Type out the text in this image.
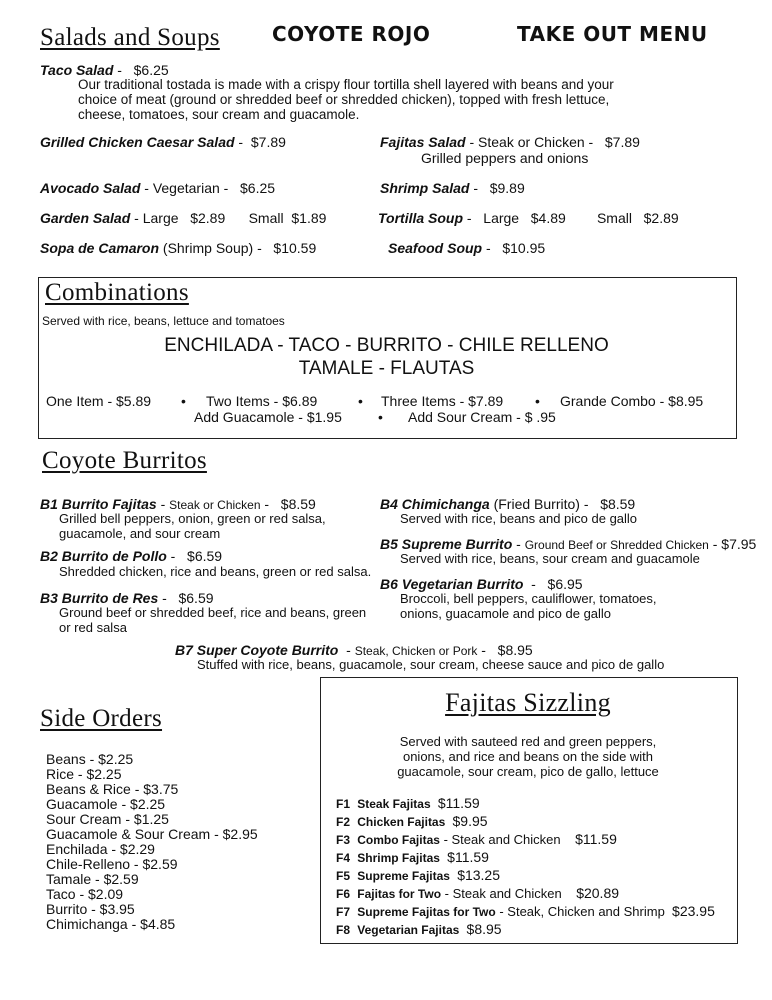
Salads and Soups	COYOTE ROJO	TAKE OUT MENU
Taco Salad -   $6.25
Our traditional tostada is made with a crispy flour tortilla shell layered with beans and your choice of meat (ground or shredded beef or shredded chicken), topped with fresh lettuce, cheese, tomatoes, sour cream and guacamole.
Grilled Chicken Caesar Salad -  $7.89	Fajitas Salad - Steak or Chicken -   $7.89
Grilled peppers and onions
Avocado Salad - Vegetarian -   $6.25	Shrimp Salad -   $9.89
Garden Salad - Large $2.89 Small $1.89	Tortilla Soup -   Large $4.89 Small $2.89
Sopa de Camaron (Shrimp Soup) -   $10.59	Seafood Soup -   $10.95
Combinations
Served with rice, beans, lettuce and tomatoes
ENCHILADA - TACO - BURRITO - CHILE RELLENO
TAMALE - FLAUTAS
One Item - $5.89 • Two Items - $6.89	• Three Items - $7.89 • Grande Combo - $8.95
Add Guacamole - $1.95	• Add Sour Cream - $ .95
Coyote Burritos
B1 Burrito Fajitas - Steak or Chicken -   $8.59
Grilled bell peppers, onion, green or red salsa,
guacamole, and sour cream
B2 Burrito de Pollo -   $6.59
Shredded chicken, rice and beans, green or red salsa.
B3 Burrito de Res -   $6.59
Ground beef or shredded beef, rice and beans, green
or red salsa
B4 Chimichanga (Fried Burrito) -   $8.59
Served with rice, beans and pico de gallo
B5 Supreme Burrito - Ground Beef or Shredded Chicken - $7.95
Served with rice, beans, sour cream and guacamole
B6 Vegetarian Burrito  -   $6.95
Broccoli, bell peppers, cauliflower, tomatoes,
onions, guacamole and pico de gallo
B7 Super Coyote Burrito  - Steak, Chicken or Pork -   $8.95
Stuffed with rice, beans, guacamole, sour cream, cheese sauce and pico de gallo
Side Orders
Beans - $2.25
Rice - $2.25
Beans & Rice - $3.75
Guacamole - $2.25
Sour Cream - $1.25
Guacamole & Sour Cream - $2.95
Enchilada - $2.29
Chile-Relleno - $2.59
Tamale - $2.59
Taco - $2.09
Burrito - $3.95
Chimichanga - $4.85
Fajitas Sizzling
Served with sauteed red and green peppers,
onions, and rice and beans on the side with
guacamole, sour cream, pico de gallo, lettuce
F1 Steak Fajitas $11.59
F2 Chicken Fajitas $9.95
F3 Combo Fajitas - Steak and Chicken $11.59
F4 Shrimp Fajitas $11.59
F5 Supreme Fajitas $13.25
F6 Fajitas for Two - Steak and Chicken $20.89
F7 Supreme Fajitas for Two - Steak, Chicken and Shrimp $23.95
F8 Vegetarian Fajitas $8.95
